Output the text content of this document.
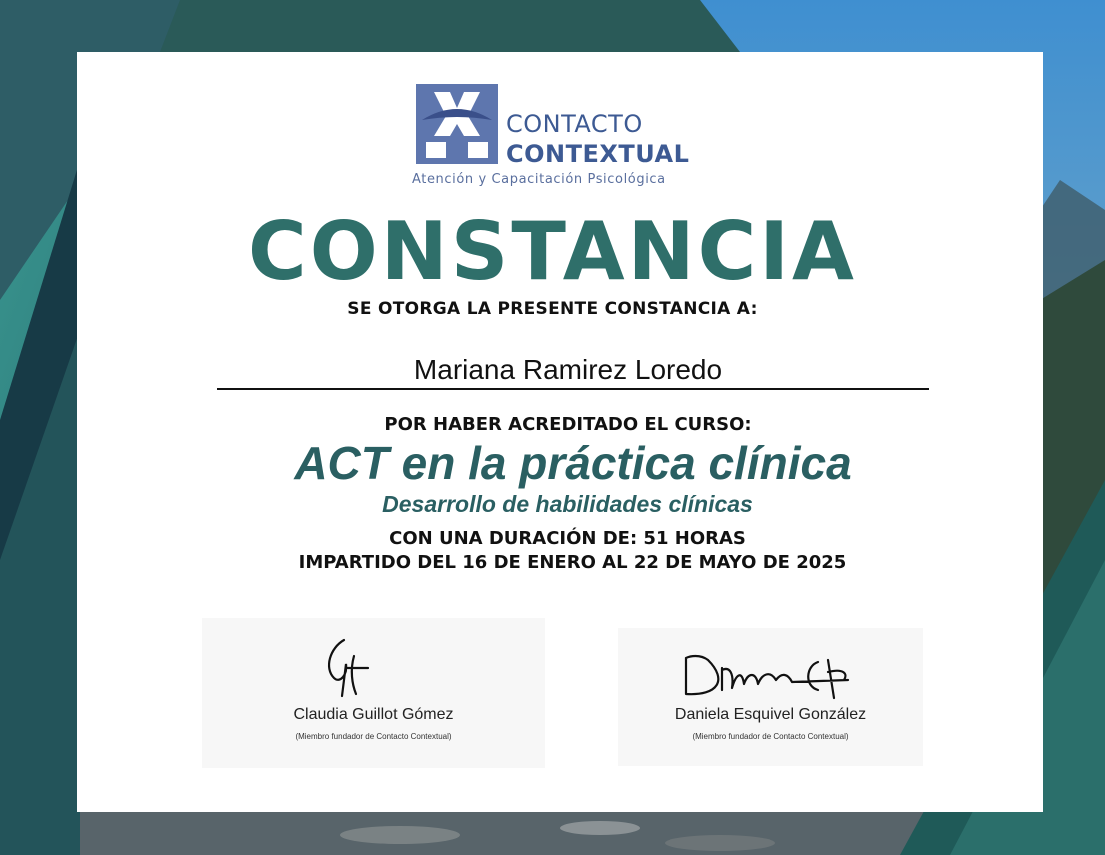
CONTACTO
CONTEXTUAL
Atención y Capacitación Psicológica
CONSTANCIA
SE OTORGA LA PRESENTE CONSTANCIA A:
Mariana Ramirez Loredo
POR HABER ACREDITADO EL CURSO:
ACT en la práctica clínica
Desarrollo de habilidades clínicas
CON UNA DURACIÓN DE: 51 HORAS
IMPARTIDO DEL 16 DE ENERO AL 22 DE MAYO DE 2025
Claudia Guillot Gómez
(Miembro fundador de Contacto Contextual)
Daniela Esquivel González
(Miembro fundador de Contacto Contextual)
